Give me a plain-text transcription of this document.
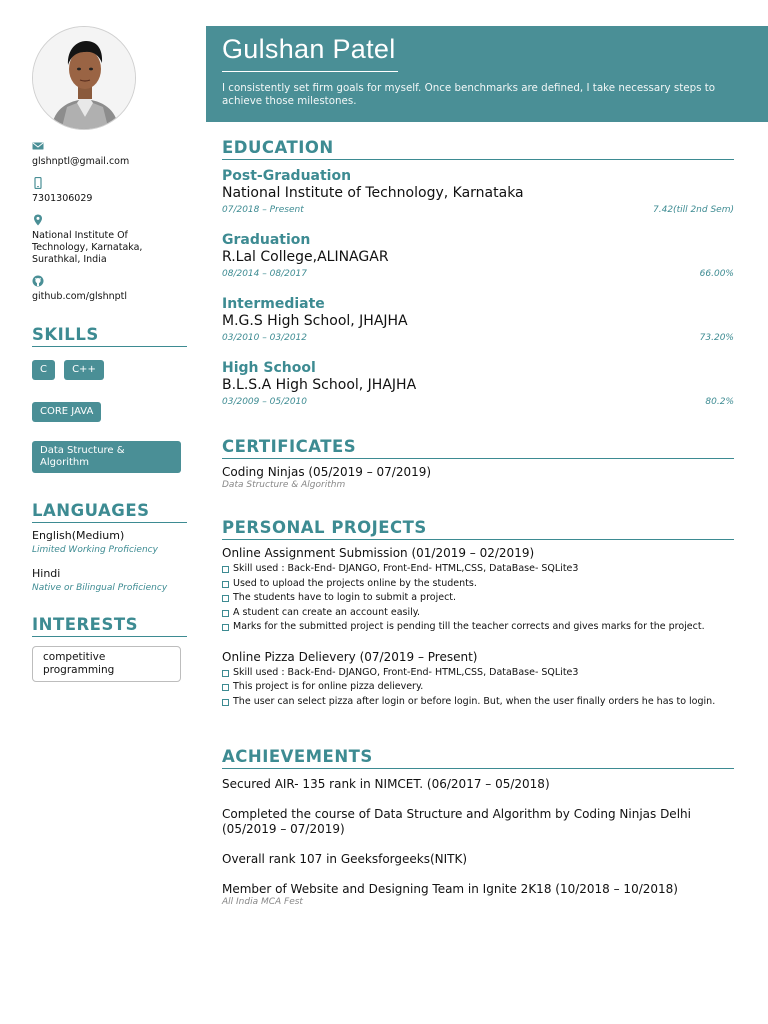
Gulshan Patel
I consistently set firm goals for myself. Once benchmarks are defined, I take necessary steps to achieve those milestones.
glshnptl@gmail.com
7301306029
National Institute Of Technology, Karnataka, Surathkal, India
github.com/glshnptl
SKILLS
C	C++
CORE JAVA
Data Structure & Algorithm
LANGUAGES
English(Medium)
Limited Working Proficiency
Hindi
Native or Bilingual Proficiency
INTERESTS
competitive programming
EDUCATION
Post-Graduation
National Institute of Technology, Karnataka
07/2018 – Present	7.42(till 2nd Sem)
Graduation
R.Lal College,ALINAGAR
08/2014 – 08/2017	66.00%
Intermediate
M.G.S High School, JHAJHA
03/2010 – 03/2012	73.20%
High School
B.L.S.A High School, JHAJHA
03/2009 – 05/2010	80.2%
CERTIFICATES
Coding Ninjas (05/2019 – 07/2019)
Data Structure & Algorithm
PERSONAL PROJECTS
Online Assignment Submission (01/2019 – 02/2019)
Skill used : Back-End- DJANGO, Front-End- HTML,CSS, DataBase- SQLite3
Used to upload the projects online by the students.
The students have to login to submit a project.
A student can create an account easily.
Marks for the submitted project is pending till the teacher corrects and gives marks for the project.
Online Pizza Delievery (07/2019 – Present)
Skill used : Back-End- DJANGO, Front-End- HTML,CSS, DataBase- SQLite3
This project is for online pizza delievery.
The user can select pizza after login or before login. But, when the user finally orders he has to login.
ACHIEVEMENTS
Secured AIR- 135 rank in NIMCET. (06/2017 – 05/2018)
Completed the course of Data Structure and Algorithm by Coding Ninjas Delhi (05/2019 – 07/2019)
Overall rank 107 in Geeksforgeeks(NITK)
Member of Website and Designing Team in Ignite 2K18 (10/2018 – 10/2018)
All India MCA Fest
